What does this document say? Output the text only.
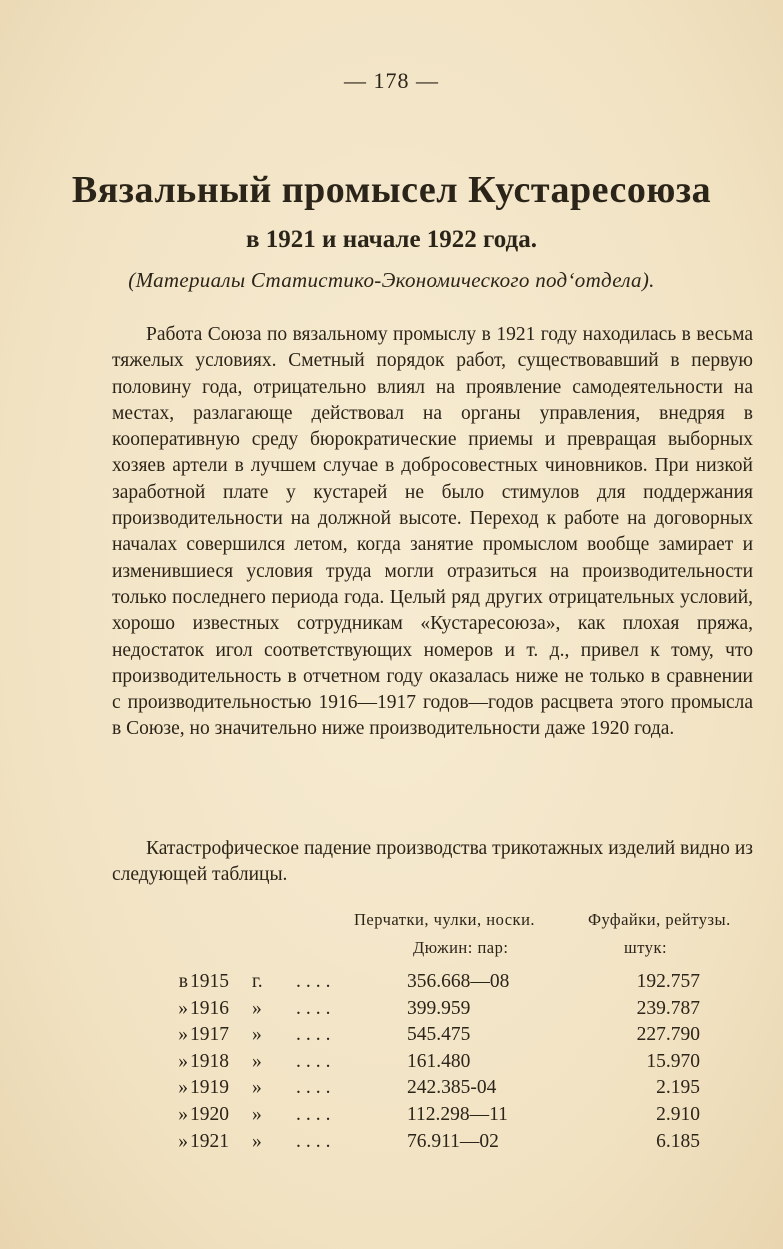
— 178 —
Вязальный промысел Кустаресоюза
в 1921 и начале 1922 года.
(Материалы Статистико-Экономического под‘отдела).

Работа Союза по вязальному промыслу в 1921 году находилась в весьма тяжелых условиях. Сметный порядок работ, существовавший в первую половину года, отрицательно влиял на проявление самодеятельности на местах, разлагающе действовал на органы управления, внедряя в кооперативную среду бюрократические приемы и превращая выборных хозяев артели в лучшем случае в добросовестных чиновников. При низкой заработной плате у кустарей не было стимулов для поддержания производительности на должной высоте. Переход к работе на договорных началах совершился летом, когда занятие промыслом вообще замирает и изменившиеся условия труда могли отразиться на производительности только последнего периода года. Целый ряд других отрицательных условий, хорошо известных сотрудникам «Кустаресоюза», как плохая пряжа, недостаток игол соответствующих номеров и т. д., привел к тому, что производительность в отчетном году оказалась ниже не только в сравнении с производительностью 1916—1917 годов—годов расцвета этого промысла в Союзе, но значительно ниже производительности даже 1920 года.

Катастрофическое падение производства трикотажных изделий видно из следующей таблицы.

Перчатки, чулки, носки.	Фуфайки, рейтузы.
Дюжин: пар:	штук:
в 1915 г. ....	356.668—08	192.757
» 1916 » ....	399.959	239.787
» 1917 » ....	545.475	227.790
» 1918 » ....	161.480	15.970
» 1919 » ....	242.385-04	2.195
» 1920 » ....	112.298—11	2.910
» 1921 » ....	76.911—02	6.185
